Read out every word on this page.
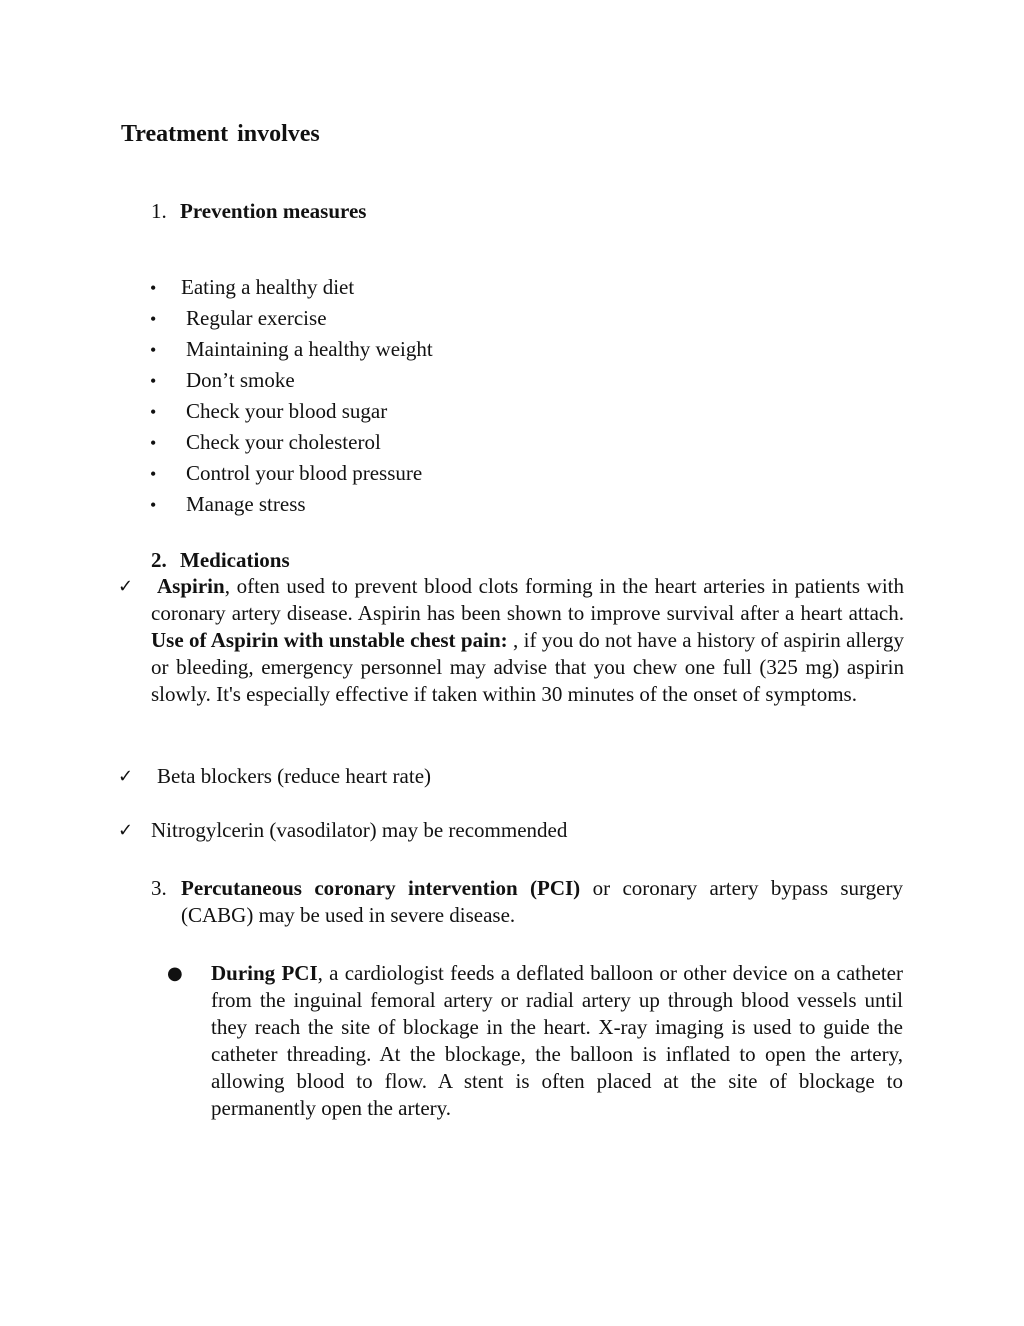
Treatment involves
1. Prevention measures
• Eating a healthy diet
• Regular exercise
• Maintaining a healthy weight
• Don’t smoke
• Check your blood sugar
• Check your cholesterol
• Control your blood pressure
• Manage stress
2. Medications
✓ Aspirin, often used to prevent blood clots forming in the heart arteries in patients with coronary artery disease. Aspirin has been shown to improve survival after a heart attach. Use of Aspirin with unstable chest pain: , if you do not have a history of aspirin allergy or bleeding, emergency personnel may advise that you chew one full (325 mg) aspirin slowly. It's especially effective if taken within 30 minutes of the onset of symptoms.
✓ Beta blockers (reduce heart rate)
✓ Nitrogylcerin (vasodilator) may be recommended
3. Percutaneous coronary intervention (PCI) or coronary artery bypass surgery (CABG) may be used in severe disease.
● During PCI, a cardiologist feeds a deflated balloon or other device on a catheter from the inguinal femoral artery or radial artery up through blood vessels until they reach the site of blockage in the heart. X-ray imaging is used to guide the catheter threading. At the blockage, the balloon is inflated to open the artery, allowing blood to flow. A stent is often placed at the site of blockage to permanently open the artery.
